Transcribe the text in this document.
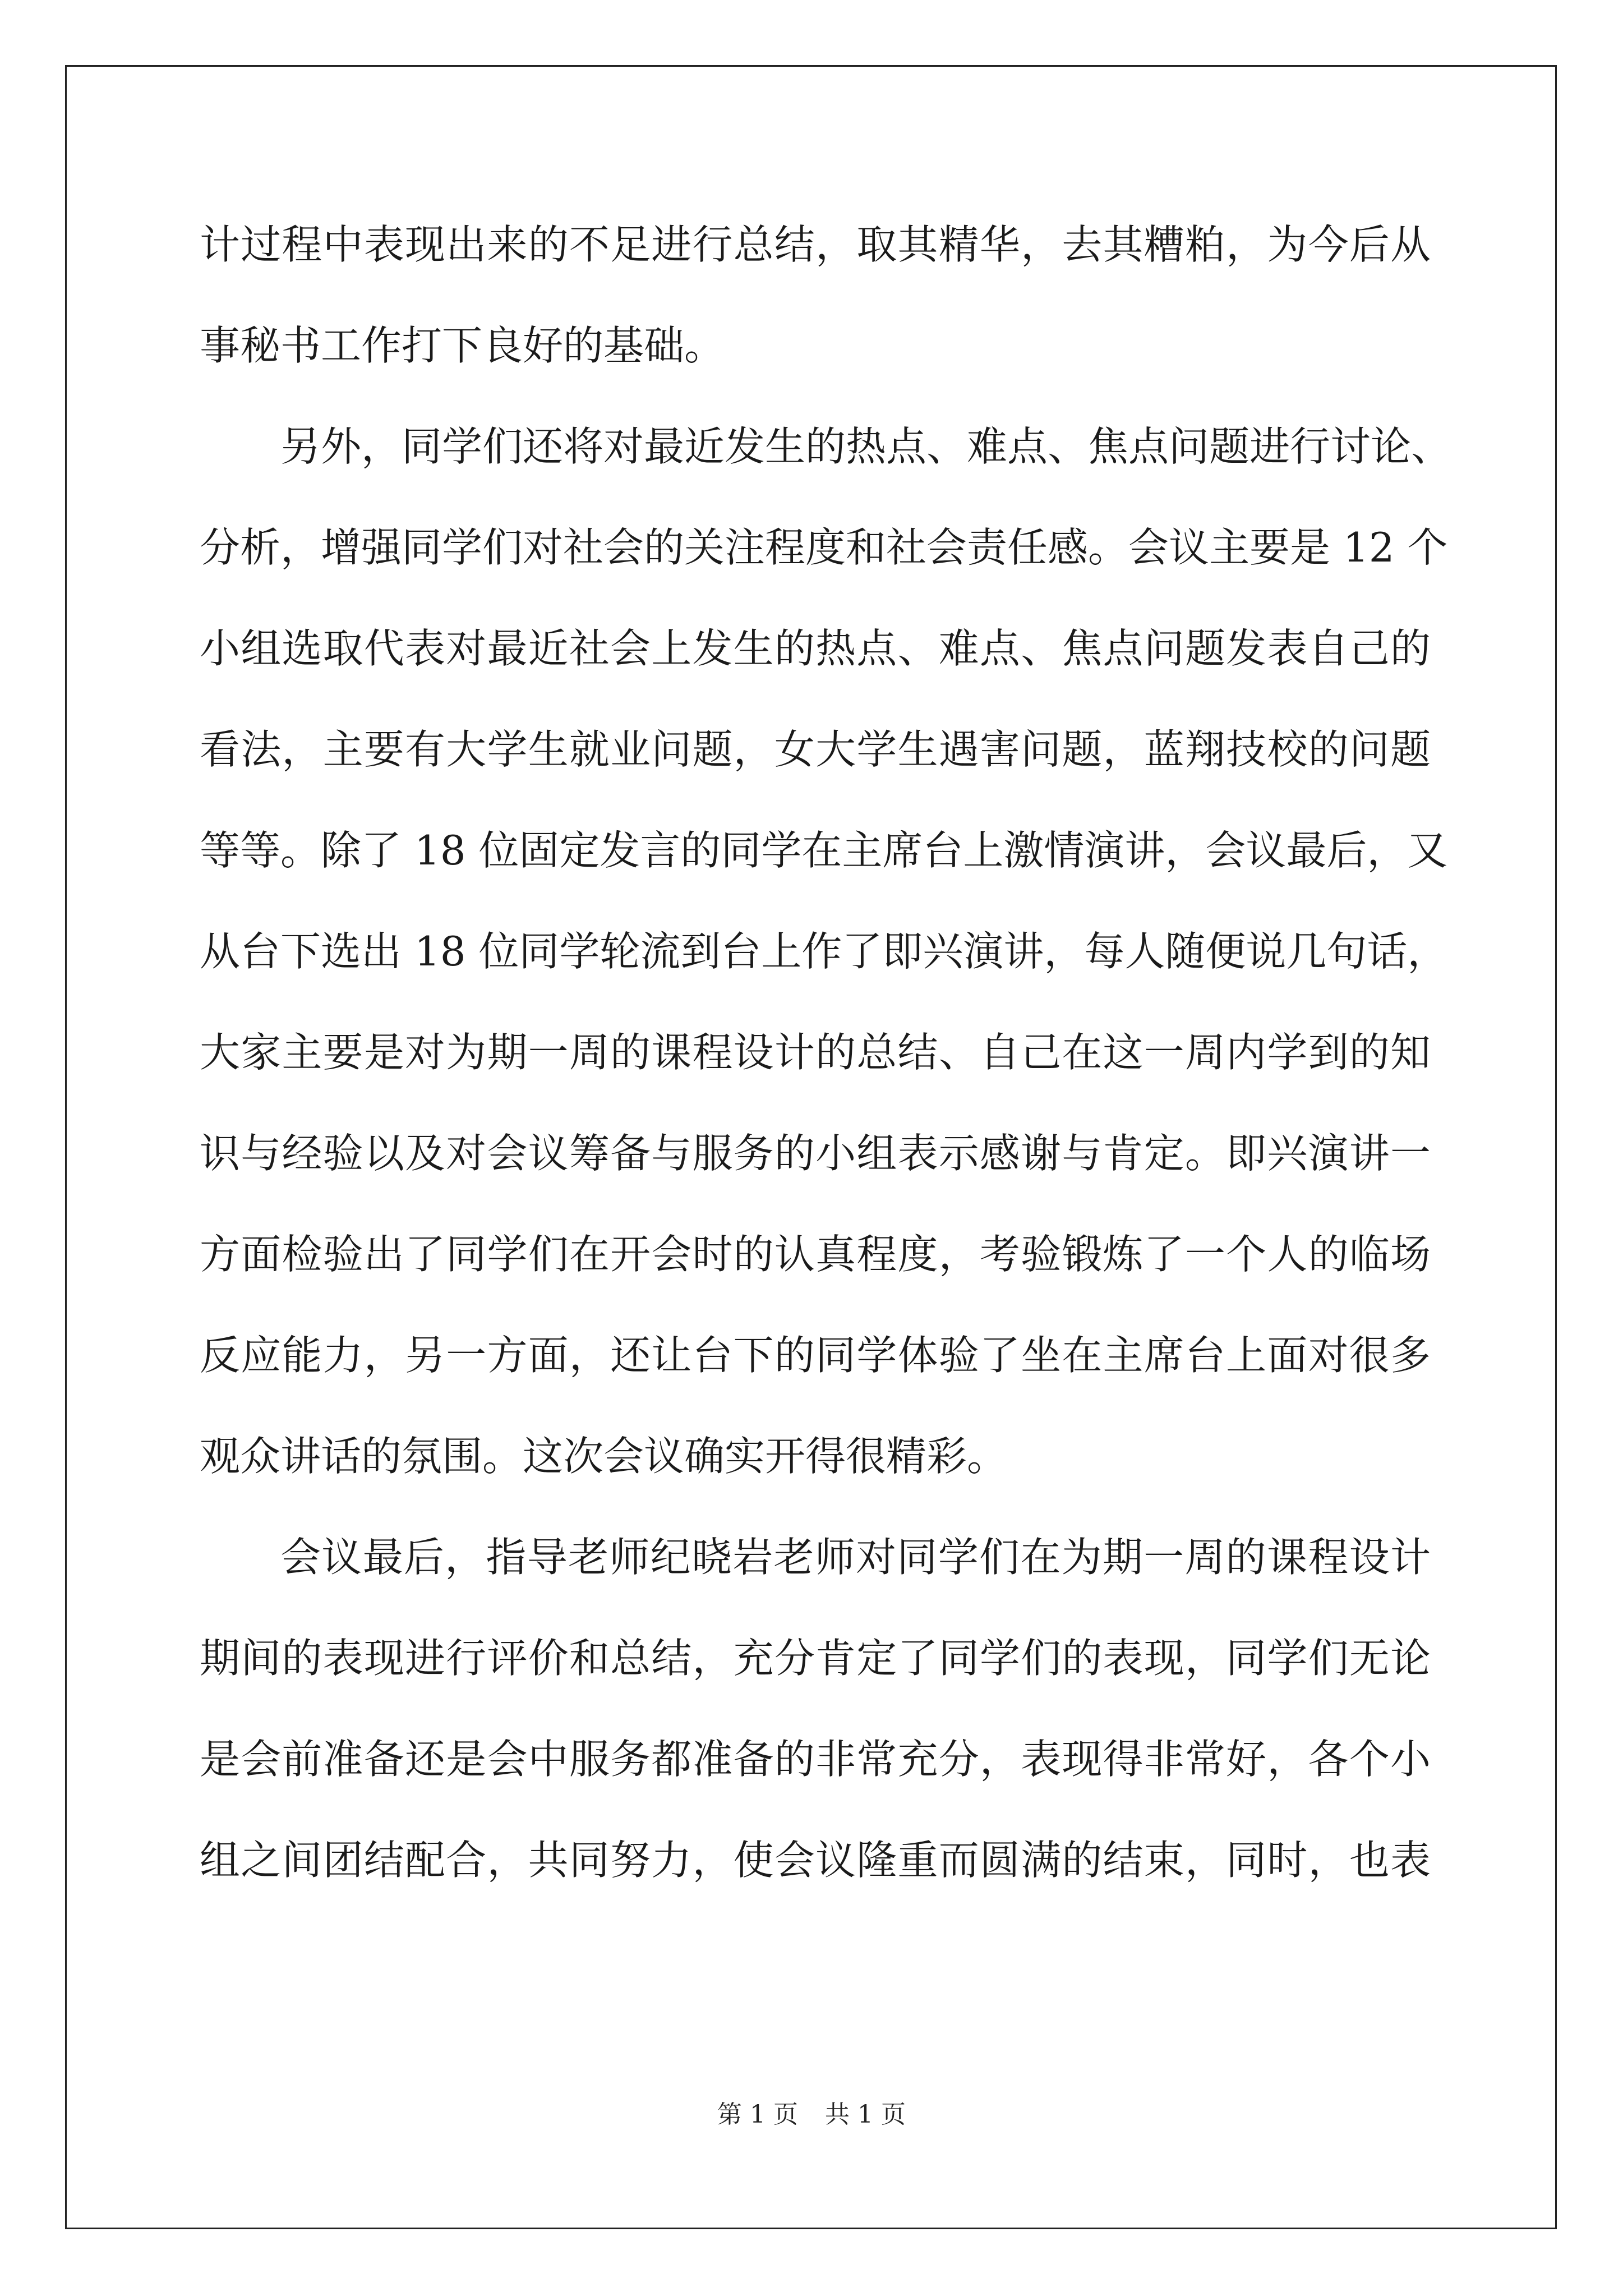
计过程中表现出来的不足进行总结，取其精华，去其糟粕，为今后从
事秘书工作打下良好的基础。
另外，同学们还将对最近发生的热点、难点、焦点问题进行讨论、
分析，增强同学们对社会的关注程度和社会责任感。会议主要是 12 个
小组选取代表对最近社会上发生的热点、难点、焦点问题发表自己的
看法，主要有大学生就业问题，女大学生遇害问题，蓝翔技校的问题
等等。除了 18 位固定发言的同学在主席台上激情演讲，会议最后，又
从台下选出 18 位同学轮流到台上作了即兴演讲，每人随便说几句话，
大家主要是对为期一周的课程设计的总结、自己在这一周内学到的知
识与经验以及对会议筹备与服务的小组表示感谢与肯定。即兴演讲一
方面检验出了同学们在开会时的认真程度，考验锻炼了一个人的临场
反应能力，另一方面，还让台下的同学体验了坐在主席台上面对很多
观众讲话的氛围。这次会议确实开得很精彩。
会议最后，指导老师纪晓岩老师对同学们在为期一周的课程设计
期间的表现进行评价和总结，充分肯定了同学们的表现，同学们无论
是会前准备还是会中服务都准备的非常充分，表现得非常好，各个小
组之间团结配合，共同努力，使会议隆重而圆满的结束，同时，也表
第 1 页 共 1 页
